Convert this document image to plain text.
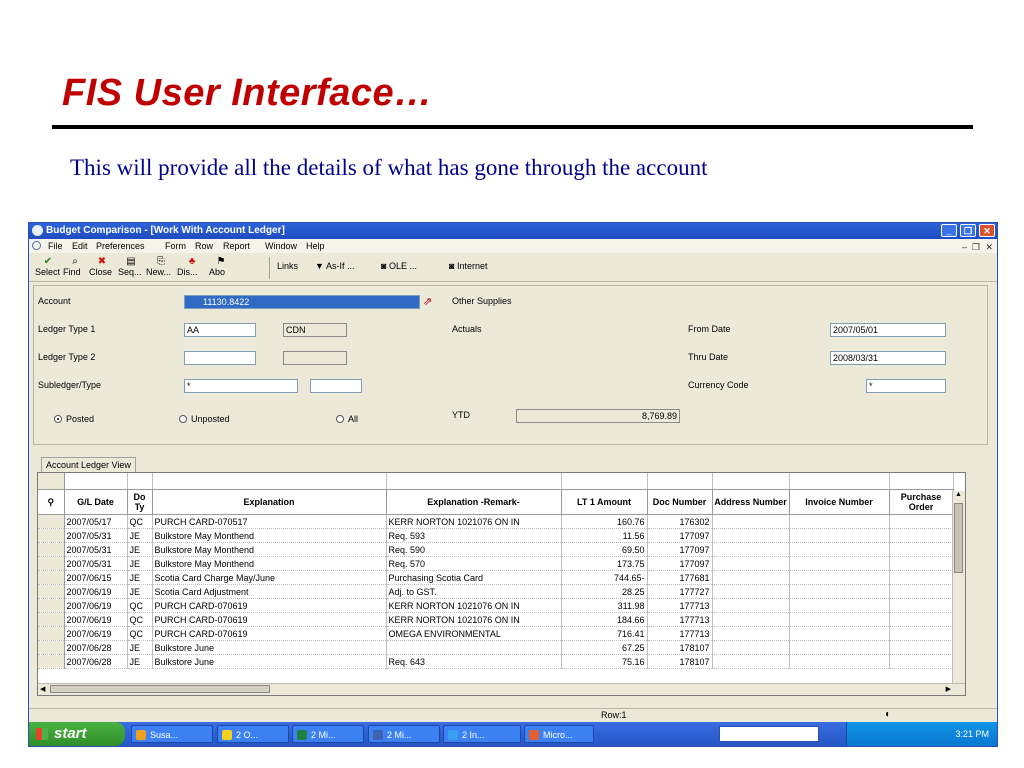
FIS User Interface…
This will provide all the details of what has gone through the account
Budget Comparison - [Work With Account Ledger]	_	❐	✕
File Edit Preferences Form Row Report Window Help	– ❐ ✕
✔
Select
⌕
Find
✖
Close
▤
Seq...
⎘
New...
♣
Dis...
⚑
Abo
Links ▼ As-If ...	◙ OLE ...	◙ Internet
Account	11130.8422	⇗ Other Supplies
Ledger Type 1	AA	CDN	Actuals	From Date	2007/05/01
Ledger Type 2	Thru Date	2008/03/31
Subledger/Type	*	Currency Code	*
Posted	Unposted	All	YTD	8,769.89
Account Ledger View

⚲	G/L Date	Do Ty	Explanation	Explanation -Remark-	LT 1 Amount	Doc Number	Address Number	Invoice Number	Purchase Order
	2007/05/17	QC	PURCH CARD-070517	KERR NORTON 1021076 ON IN	160.76	176302			
	2007/05/31	JE	Bulkstore May Monthend	Req. 593	11.56	177097			
	2007/05/31	JE	Bulkstore May Monthend	Req. 590	69.50	177097			
	2007/05/31	JE	Bulkstore May Monthend	Req. 570	173.75	177097			
	2007/06/15	JE	Scotia Card Charge May/June	Purchasing Scotia Card	744.65-	177681			
	2007/06/19	JE	Scotia Card Adjustment	Adj. to GST.	28.25	177727			
	2007/06/19	QC	PURCH CARD-070619	KERR NORTON 1021076 ON IN	311.98	177713			
	2007/06/19	QC	PURCH CARD-070619	KERR NORTON 1021076 ON IN	184.66	177713			
	2007/06/19	QC	PURCH CARD-070619	OMEGA ENVIRONMENTAL	716.41	177713			
	2007/06/28	JE	Bulkstore June		67.25	178107			
	2007/06/28	JE	Bulkstore June	Req. 643	75.16	178107			
▲
◀	▶
Row:1	◐
start	Susa...	2 O...	2 Mi...	2 Mi...	2 In...	Micro...	3:21 PM
